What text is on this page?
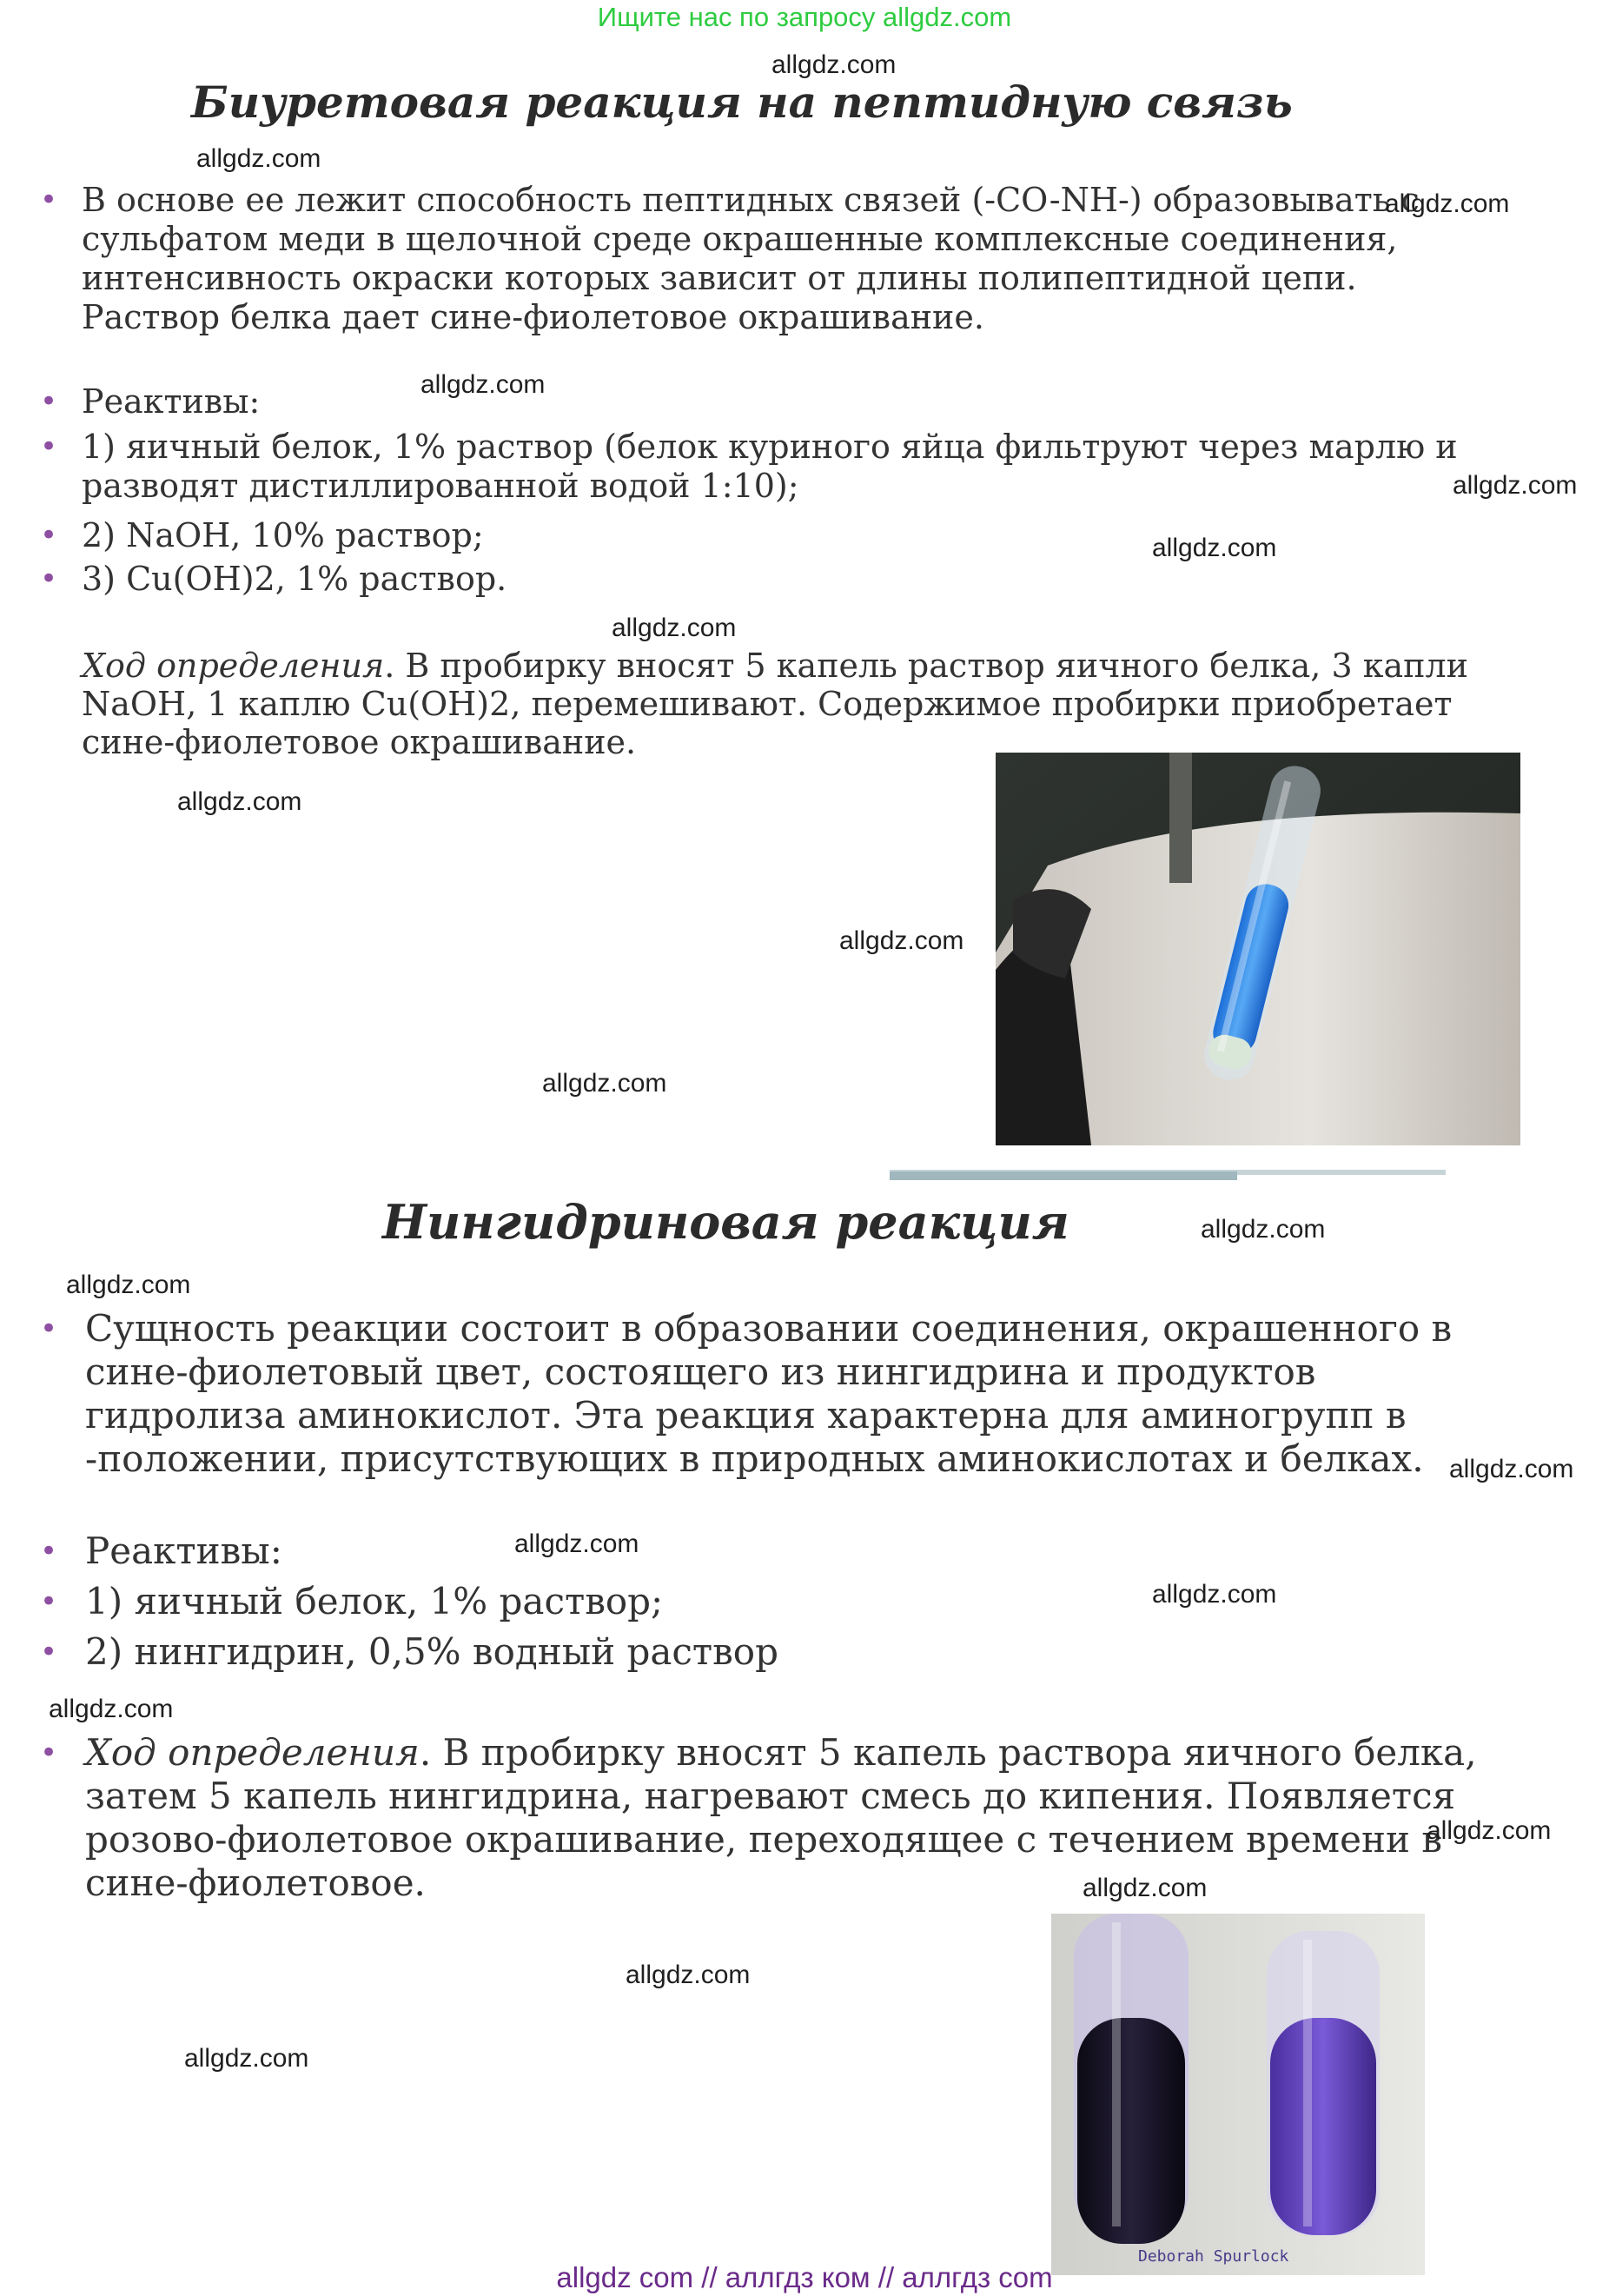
Ищите нас по запросу allgdz.com
Биуретовая реакция на пептидную связь
• В основе ее лежит способность пептидных связей (-CO-NH-) образовывать с сульфатом меди в щелочной среде окрашенные комплексные соединения, интенсивность окраски которых зависит от длины полипептидной цепи. Раствор белка дает сине-фиолетовое окрашивание.
• Реактивы:
• 1) яичный белок, 1% раствор (белок куриного яйца фильтруют через марлю и разводят дистиллированной водой 1:10);
• 2) NaOH, 10% раствор;
• 3) Cu(OH)2, 1% раствор.
Ход определения. В пробирку вносят 5 капель раствор яичного белка, 3 капли NaOH, 1 каплю Cu(OH)2, перемешивают. Содержимое пробирки приобретает сине-фиолетовое окрашивание.
Нингидриновая реакция
• Сущность реакции состоит в образовании соединения, окрашенного в сине-фиолетовый цвет, состоящего из нингидрина и продуктов гидролиза аминокислот. Эта реакция характерна для аминогрупп в -положении, присутствующих в природных аминокислотах и белках.
• Реактивы:
• 1) яичный белок, 1% раствор;
• 2) нингидрин, 0,5% водный раствор
• Ход определения. В пробирку вносят 5 капель раствора яичного белка, затем 5 капель нингидрина, нагревают смесь до кипения. Появляется розово-фиолетовое окрашивание, переходящее с течением времени в сине-фиолетовое.
Deborah Spurlock
allgdz.com
allgdz.com
allgdz.com
allgdz.com
allgdz.com
allgdz.com
allgdz.com
allgdz.com
allgdz.com
allgdz.com
allgdz.com
allgdz.com
allgdz.com
allgdz.com
allgdz.com
allgdz.com
allgdz.com
allgdz.com
allgdz.com
allgdz.com
allgdz com // аллгдз ком // аллгдз com
